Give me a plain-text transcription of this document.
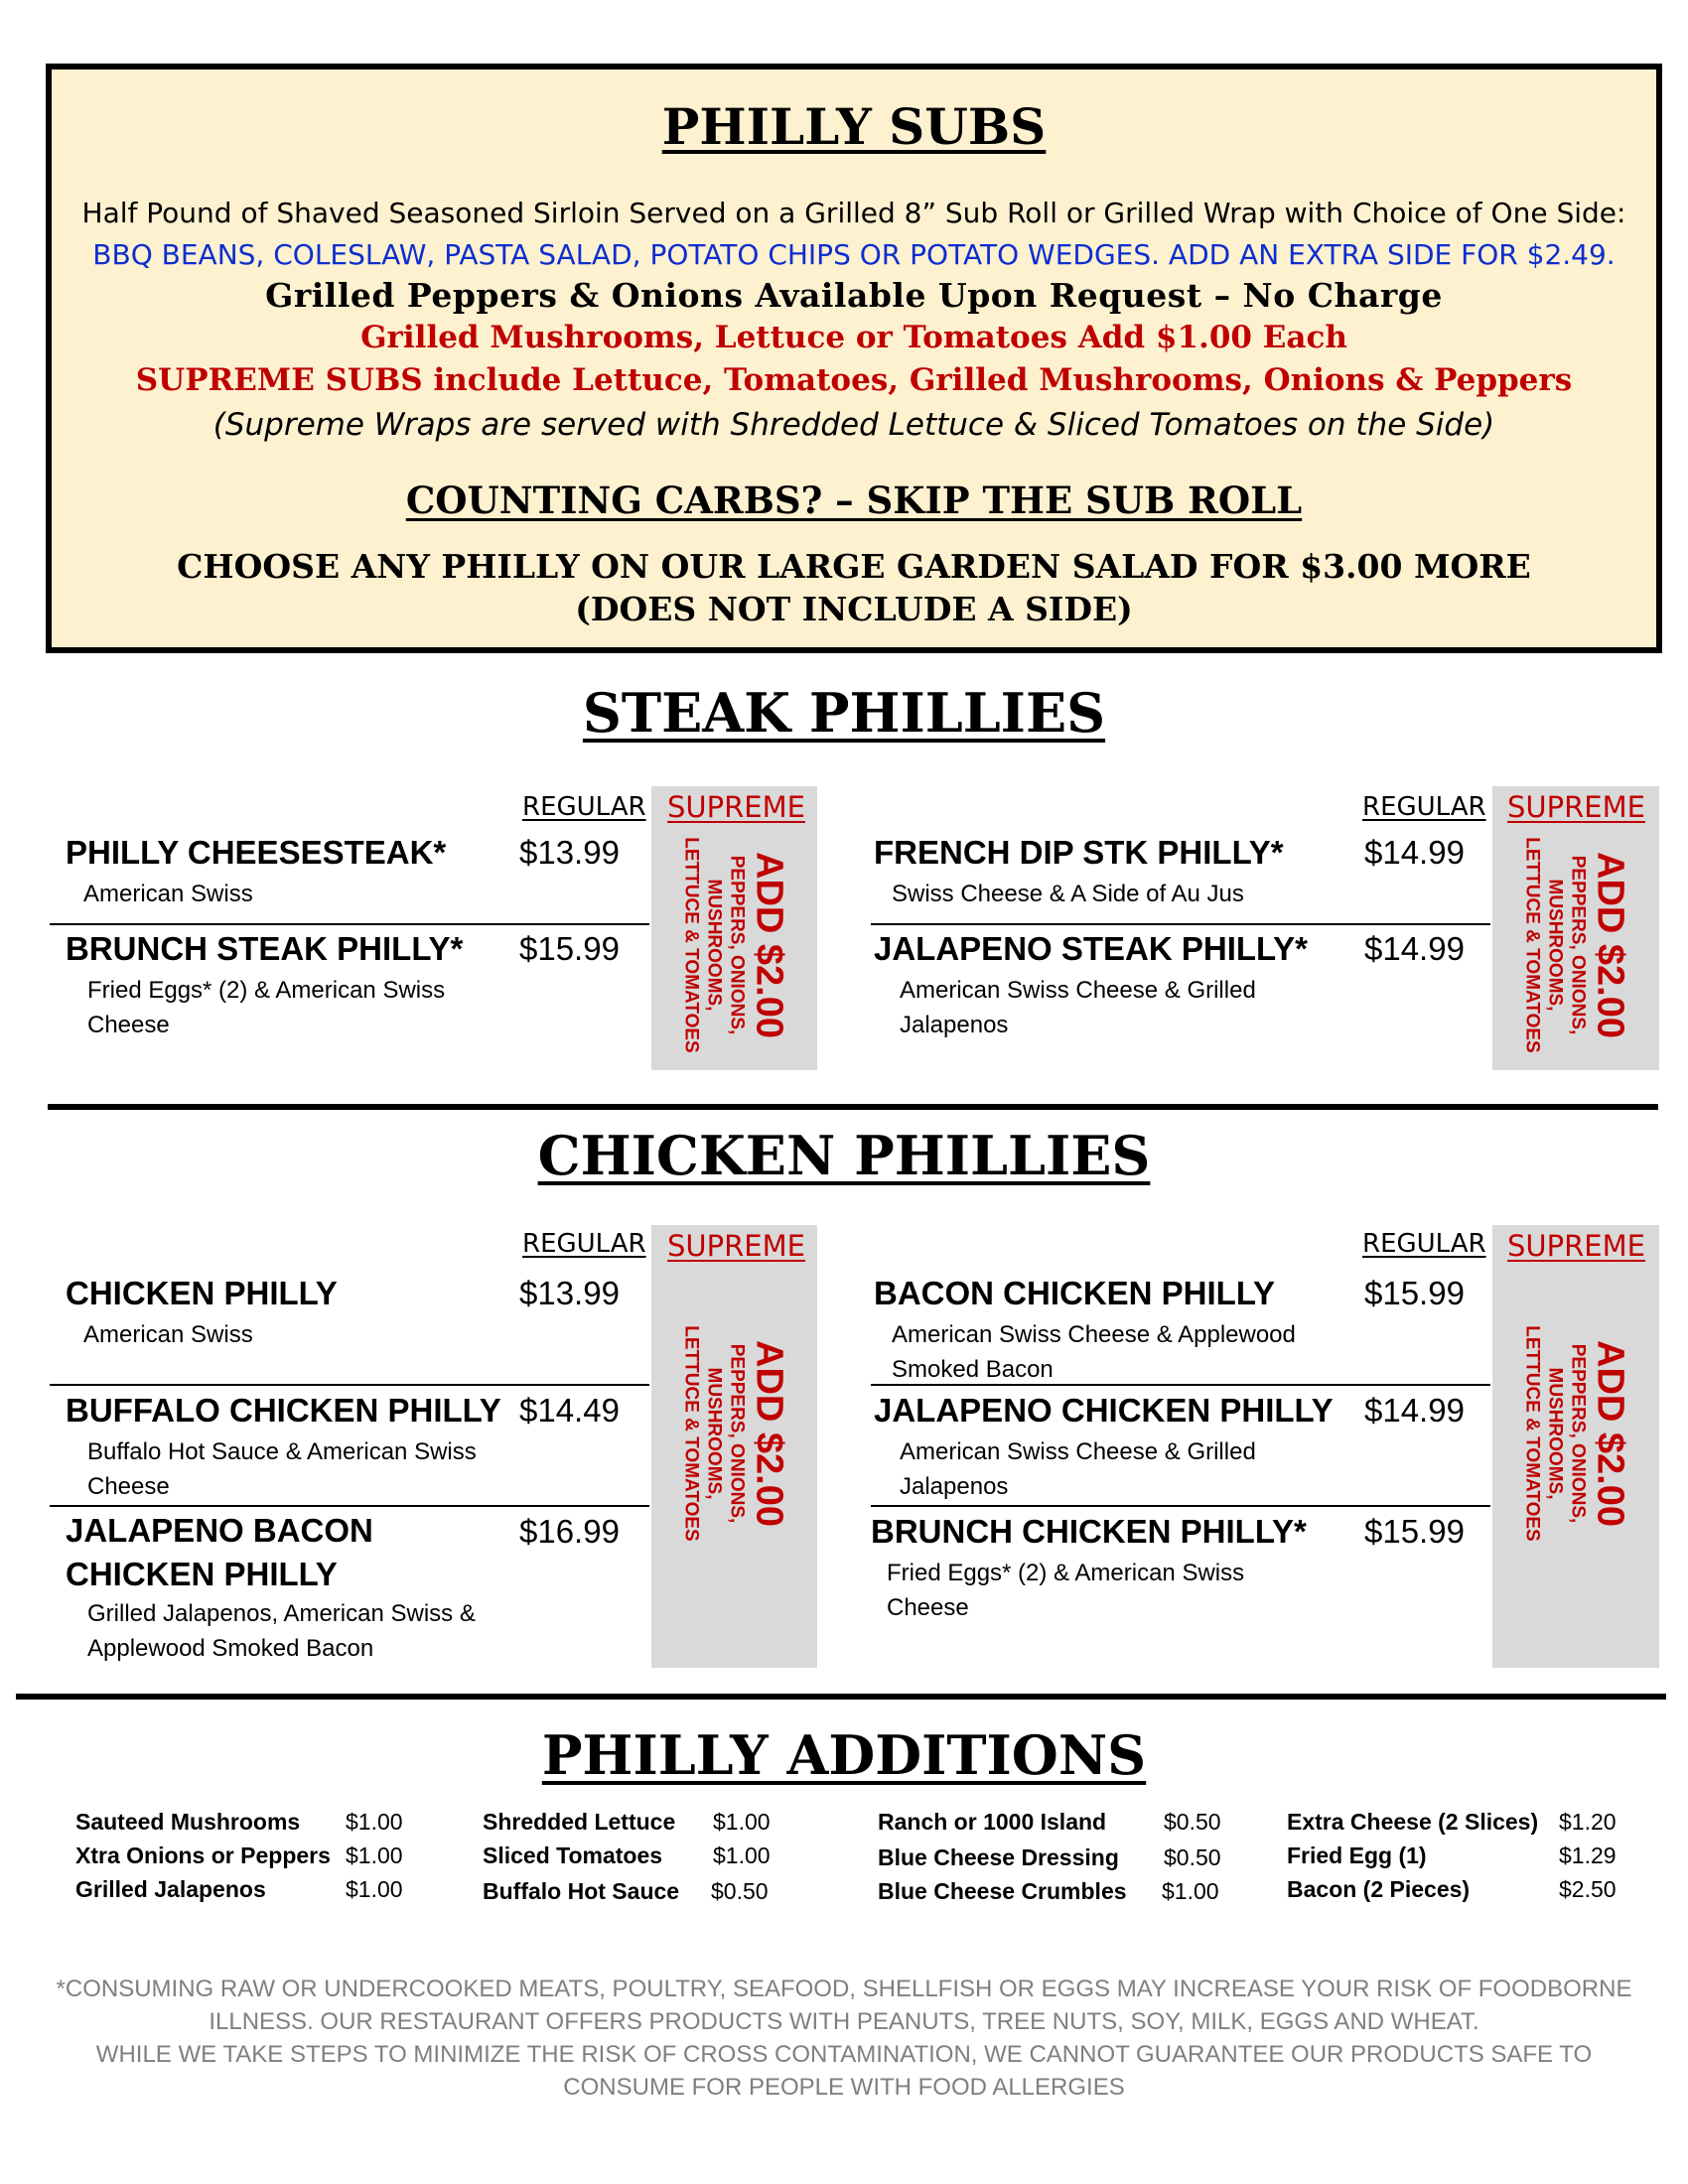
PHILLY SUBS
Half Pound of Shaved Seasoned Sirloin Served on a Grilled 8” Sub Roll or Grilled Wrap with Choice of One Side:
BBQ BEANS, COLESLAW, PASTA SALAD, POTATO CHIPS OR POTATO WEDGES. ADD AN EXTRA SIDE FOR $2.49.
Grilled Peppers & Onions Available Upon Request – No Charge
Grilled Mushrooms, Lettuce or Tomatoes Add $1.00 Each
SUPREME SUBS include Lettuce, Tomatoes, Grilled Mushrooms, Onions & Peppers
(Supreme Wraps are served with Shredded Lettuce & Sliced Tomatoes on the Side)
COUNTING CARBS? – SKIP THE SUB ROLL
CHOOSE ANY PHILLY ON OUR LARGE GARDEN SALAD FOR $3.00 MORE
(DOES NOT INCLUDE A SIDE)
STEAK PHILLIES
REGULAR
ADD $2.00
PEPPERS, ONIONS,
MUSHROOMS,
LETTUCE & TOMATOES
SUPREME	REGULAR
ADD $2.00
PEPPERS, ONIONS,
MUSHROOMS,
LETTUCE & TOMATOES
SUPREME
PHILLY CHEESESTEAK* $13.99
American Swiss
BRUNCH STEAK PHILLY* $15.99
Fried Eggs* (2) & American Swiss Cheese
FRENCH DIP STK PHILLY* $14.99
Swiss Cheese & A Side of Au Jus
JALAPENO STEAK PHILLY* $14.99
American Swiss Cheese & Grilled Jalapenos
CHICKEN PHILLIES
REGULAR
ADD $2.00
PEPPERS, ONIONS,
MUSHROOMS,
LETTUCE & TOMATOES
SUPREME	REGULAR
ADD $2.00
PEPPERS, ONIONS,
MUSHROOMS,
LETTUCE & TOMATOES
SUPREME
CHICKEN PHILLY	$13.99
American Swiss
BUFFALO CHICKEN PHILLY $14.49
Buffalo Hot Sauce & American Swiss Cheese
JALAPENO BACON CHICKEN PHILLY
$16.99
Grilled Jalapenos, American Swiss & Applewood Smoked Bacon
BACON CHICKEN PHILLY	$15.99
American Swiss Cheese & Applewood Smoked Bacon
JALAPENO CHICKEN PHILLY $14.99
American Swiss Cheese & Grilled Jalapenos
BRUNCH CHICKEN PHILLY* $15.99
Fried Eggs* (2) & American Swiss Cheese
PHILLY ADDITIONS
Sauteed Mushrooms $1.00
Xtra Onions or Peppers $1.00
Grilled Jalapenos	$1.00
Shredded Lettuce $1.00
Sliced Tomatoes $1.00
Buffalo Hot Sauce $0.50
Ranch or 1000 Island	$0.50
Blue Cheese Dressing $0.50
Blue Cheese Crumbles $1.00
Extra Cheese (2 Slices) $1.20
Fried Egg (1)	$1.29
Bacon (2 Pieces)	$2.50
*CONSUMING RAW OR UNDERCOOKED MEATS, POULTRY, SEAFOOD, SHELLFISH OR EGGS MAY INCREASE YOUR RISK OF FOODBORNE
ILLNESS. OUR RESTAURANT OFFERS PRODUCTS WITH PEANUTS, TREE NUTS, SOY, MILK, EGGS AND WHEAT.
WHILE WE TAKE STEPS TO MINIMIZE THE RISK OF CROSS CONTAMINATION, WE CANNOT GUARANTEE OUR PRODUCTS SAFE TO
CONSUME FOR PEOPLE WITH FOOD ALLERGIES
